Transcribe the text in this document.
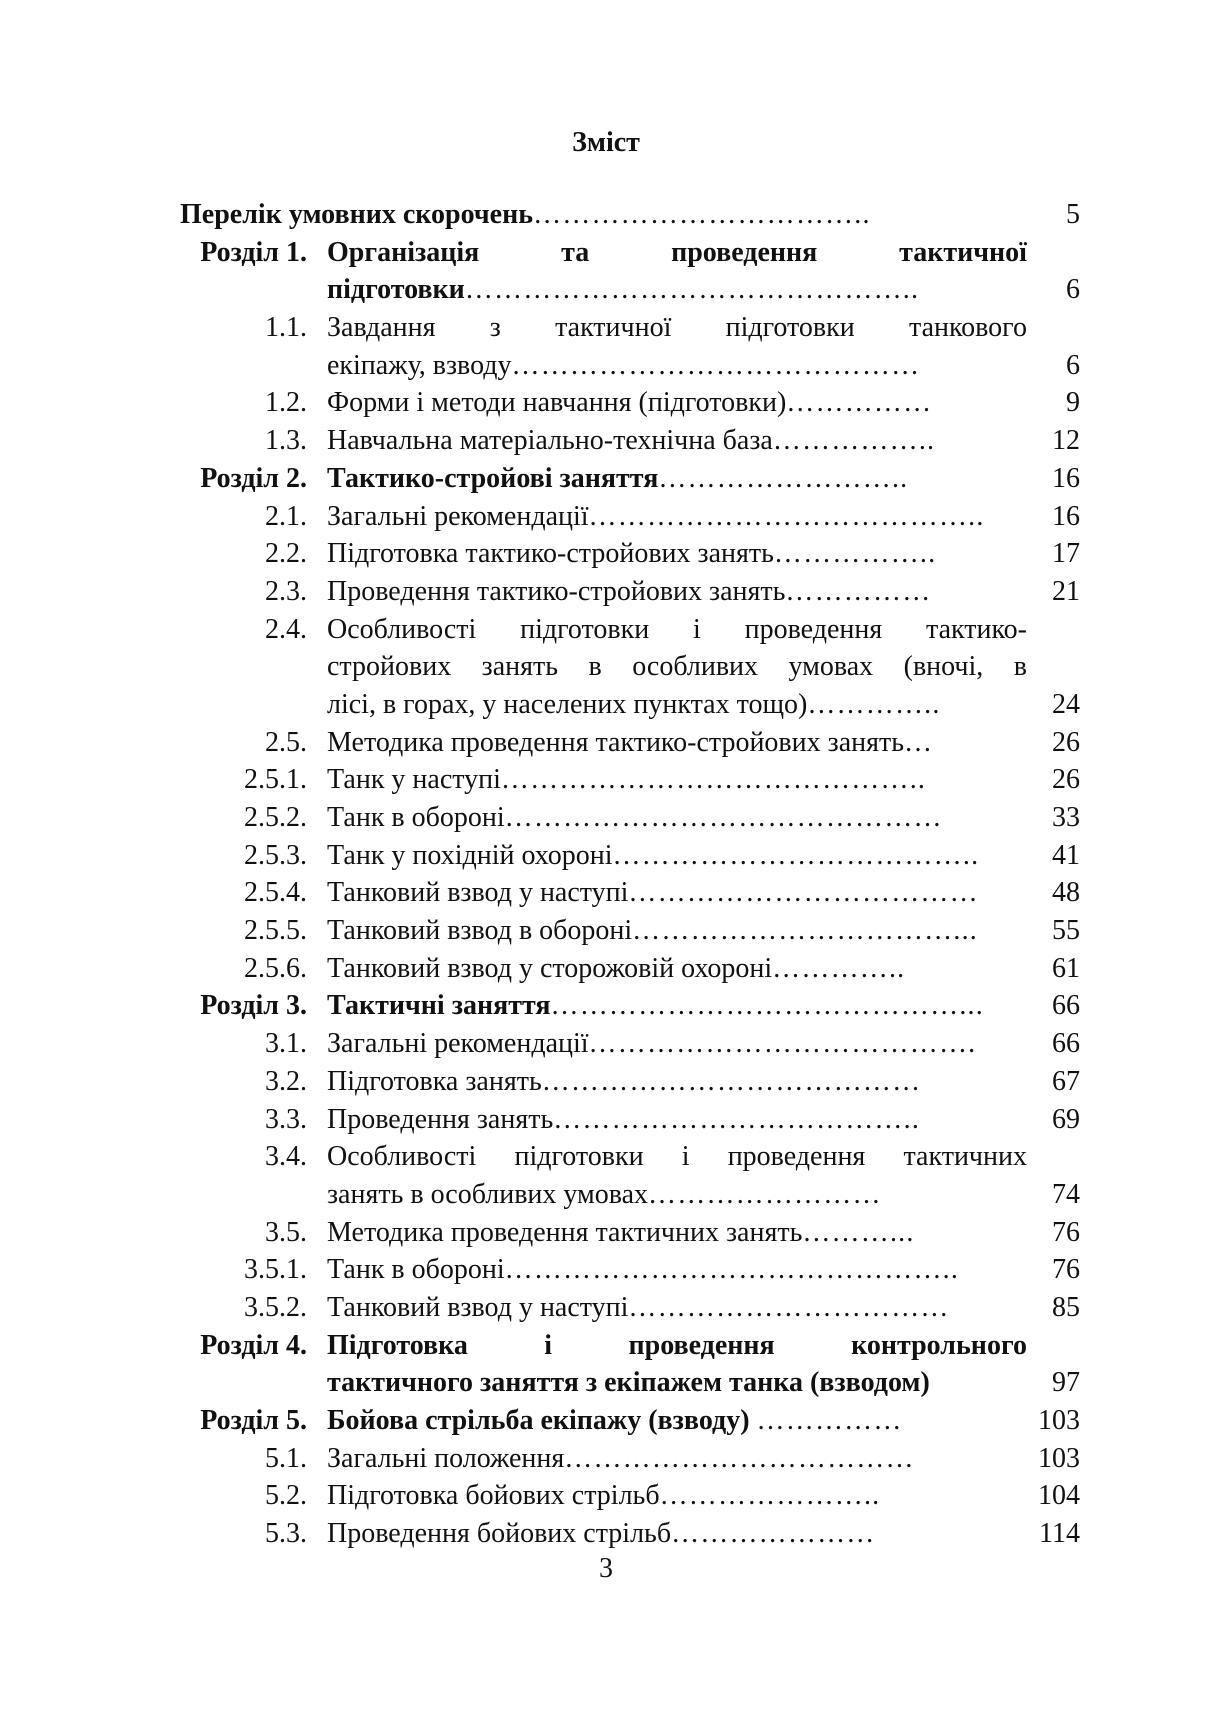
Зміст
Перелік умовних скорочень……………………………..	5
Розділ 1. Організація	та	проведення	тактичної
підготовки………………………………………..	6
1.1. Завдання з тактичної підготовки танкового
екіпажу, взводу……………………………………	6
1.2. Форми і методи навчання (підготовки)……………	9
1.3. Навчальна матеріально-технічна база……………..	12
Розділ 2. Тактико-стройові заняття……………………..	16
2.1. Загальні рекомендації………………………………….. 16
2.2. Підготовка тактико-стройових занять……………..	17
2.3. Проведення тактико-стройових занять……………	21
2.4. Особливості підготовки і проведення тактико-
стройових занять в особливих умовах (вночі, в
лісі, в горах, у населених пунктах тощо)…………..	24
2.5. Методика проведення тактико-стройових занять…	26
2.5.1. Танк у наступі……………………………………..	26
2.5.2. Танк в обороні………………………………………	33
2.5.3. Танк у похідній охороні………………………………..	41
2.5.4. Танковий взвод у наступі………………………………	48
2.5.5. Танковий взвод в обороні……………………………...	55
2.5.6. Танковий взвод у сторожовій охороні…………..	61
Розділ 3. Тактичні заняття……………………………………... 66
3.1. Загальні рекомендації………………………………….	66
3.2. Підготовка занять…………………………………	67
3.3. Проведення занять………………………………..	69
3.4. Особливості підготовки і проведення тактичних
занять в особливих умовах……………………	74
3.5. Методика проведення тактичних занять………...	76
3.5.1. Танк в обороні………………………………………..	76
3.5.2. Танковий взвод у наступі……………………………	85
Розділ 4. Підготовка	і	проведення	контрольного
тактичного заняття з екіпажем танка (взводом)	97
Розділ 5. Бойова стрільба екіпажу (взводу) ……………	103
5.1. Загальні положення………………………………	103
5.2. Підготовка бойових стрільб…………………..	104
5.3. Проведення бойових стрільб…………………	114
3
